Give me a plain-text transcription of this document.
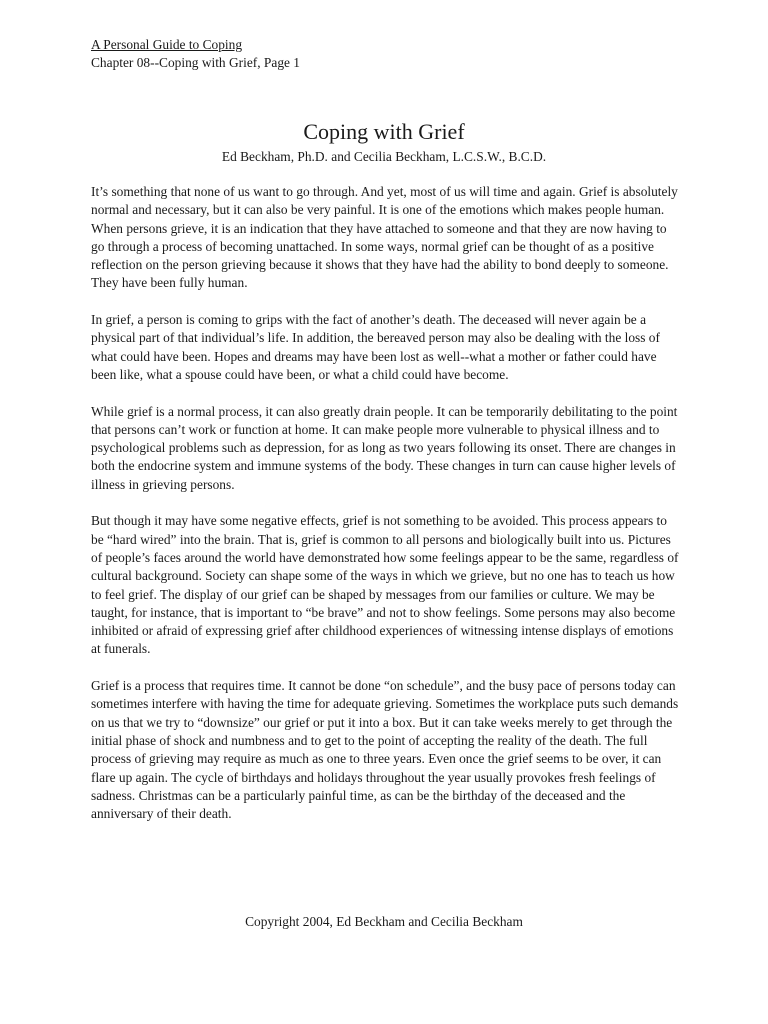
A Personal Guide to Coping
Chapter 08--Coping with Grief, Page 1
Coping with Grief
Ed Beckham, Ph.D. and Cecilia Beckham, L.C.S.W., B.C.D.

It’s something that none of us want to go through. And yet, most of us will time and again. Grief is absolutely normal and necessary, but it can also be very painful. It is one of the emotions which makes people human. When persons grieve, it is an indication that they have attached to someone and that they are now having to go through a process of becoming unattached. In some ways, normal grief can be thought of as a positive reflection on the person grieving because it shows that they have had the ability to bond deeply to someone. They have been fully human.

In grief, a person is coming to grips with the fact of another’s death. The deceased will never again be a physical part of that individual’s life. In addition, the bereaved person may also be dealing with the loss of what could have been. Hopes and dreams may have been lost as well--what a mother or father could have been like, what a spouse could have been, or what a child could have become.

While grief is a normal process, it can also greatly drain people. It can be temporarily debilitating to the point that persons can’t work or function at home. It can make people more vulnerable to physical illness and to psychological problems such as depression, for as long as two years following its onset. There are changes in both the endocrine system and immune systems of the body. These changes in turn can cause higher levels of illness in grieving persons.

But though it may have some negative effects, grief is not something to be avoided. This process appears to be “hard wired” into the brain. That is, grief is common to all persons and biologically built into us. Pictures of people’s faces around the world have demonstrated how some feelings appear to be the same, regardless of cultural background. Society can shape some of the ways in which we grieve, but no one has to teach us how to feel grief. The display of our grief can be shaped by messages from our families or culture. We may be taught, for instance, that is important to “be brave” and not to show feelings. Some persons may also become inhibited or afraid of expressing grief after childhood experiences of witnessing intense displays of emotions at funerals.

Grief is a process that requires time. It cannot be done “on schedule”, and the busy pace of persons today can sometimes interfere with having the time for adequate grieving. Sometimes the workplace puts such demands on us that we try to “downsize” our grief or put it into a box. But it can take weeks merely to get through the initial phase of shock and numbness and to get to the point of accepting the reality of the death. The full process of grieving may require as much as one to three years. Even once the grief seems to be over, it can flare up again. The cycle of birthdays and holidays throughout the year usually provokes fresh feelings of sadness. Christmas can be a particularly painful time, as can be the birthday of the deceased and the anniversary of their death.

Copyright 2004, Ed Beckham and Cecilia Beckham
